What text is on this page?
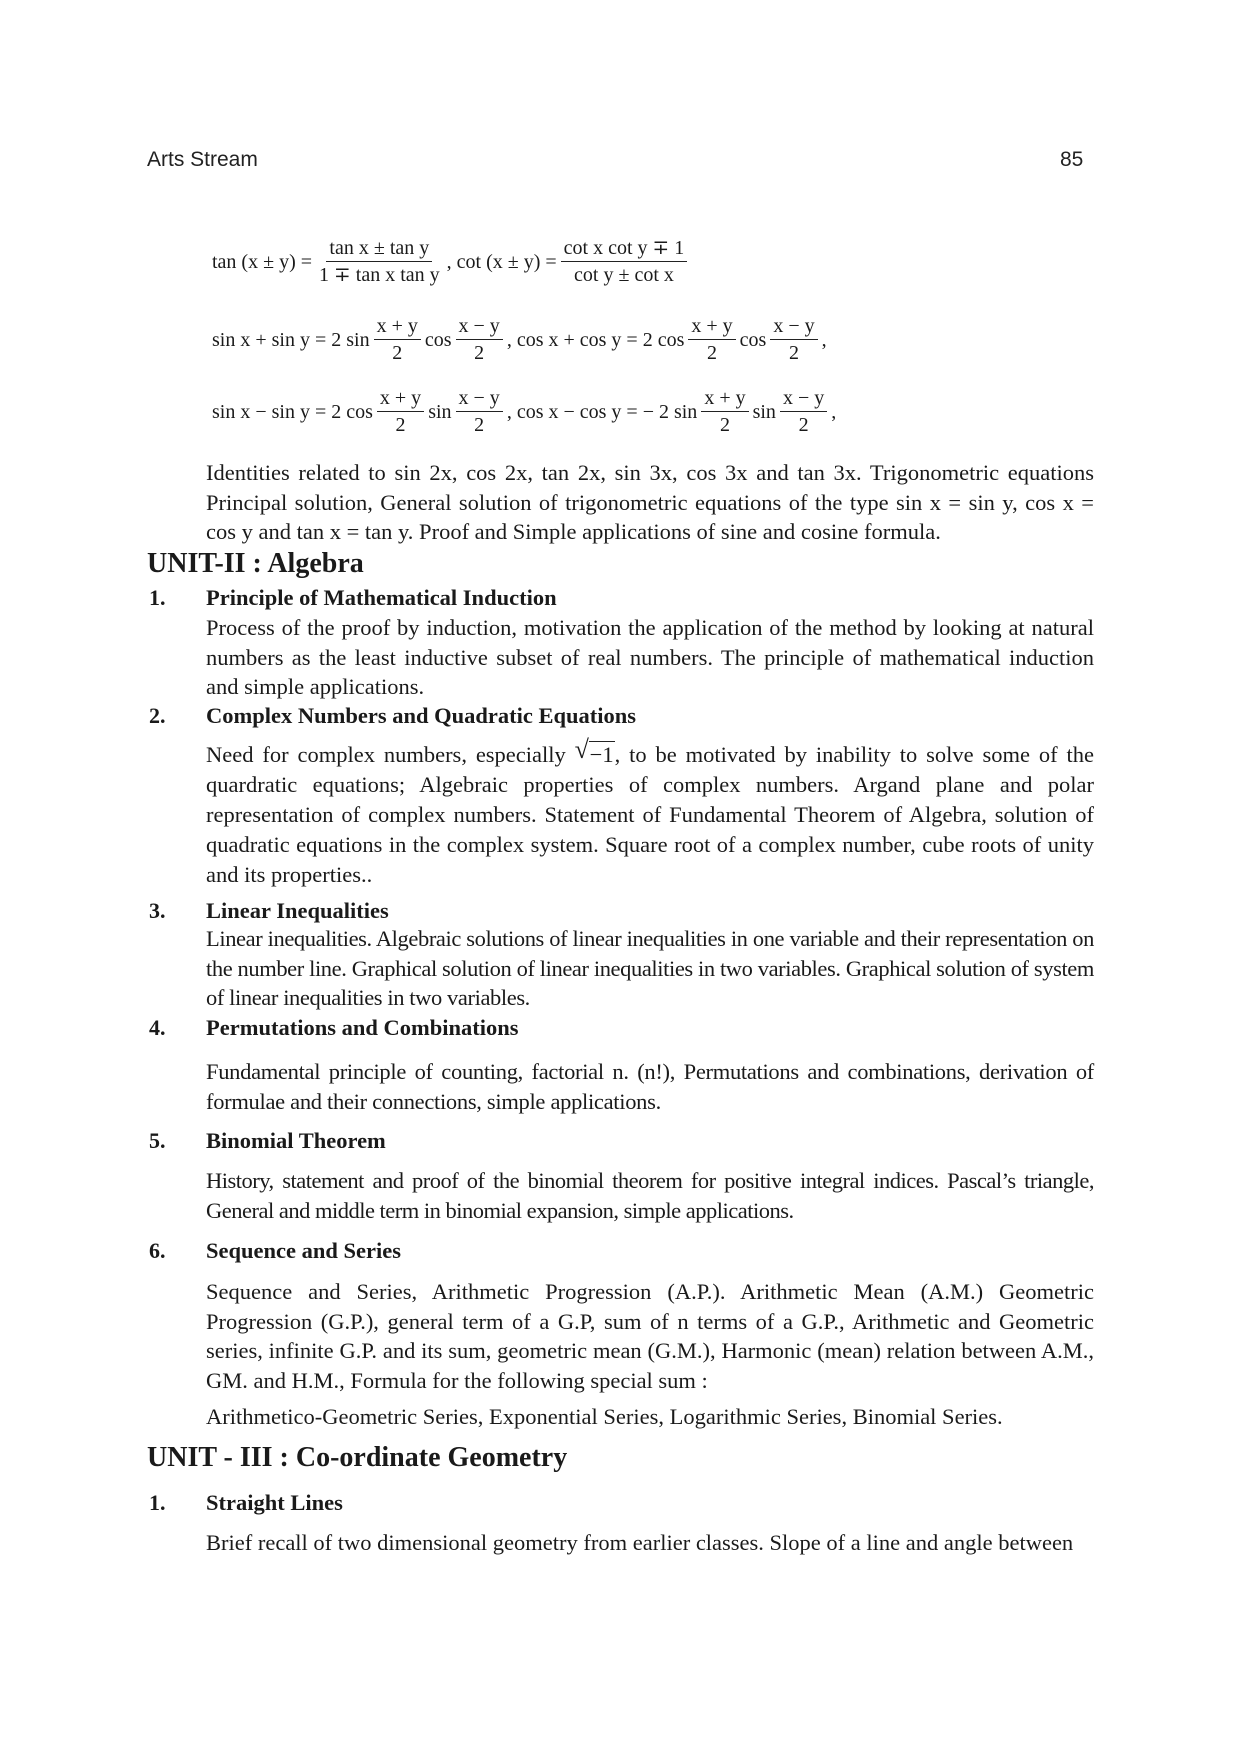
Arts Stream	85
$\tan (x \pm y) = \frac{\text{tan x ± tan y}}{\text{1 ∓ tan x tan y}}$ , $\cot (x \pm y) = \frac{\text{cot x cot y ∓ 1}}{\text{cot y ± cot x}}$
sin x + sin y = 2 $\sin \frac{x + y}{2}$ $\cos \frac{x - y}{2}$ , cos x + cos y = 2 $\cos \frac{x + y}{2}$ $\cos \frac{x - y}{2}$ ,
sin x − sin y = 2 $\cos \frac{x + y}{2}$ $\sin \frac{x - y}{2}$ , cos x − cos y = − 2 $\sin \frac{x + y}{2}$ $\sin \frac{x - y}{2}$ ,

Identities related to sin 2x, cos 2x, tan 2x, sin 3x, cos 3x and tan 3x. Trigonometric equations Principal solution, General solution of trigonometric equations of the type sin x = sin y, cos x = cos y and tan x = tan y. Proof and Simple applications of sine and cosine formula.

UNIT-II : Algebra
1. Principle of Mathematical Induction

Process of the proof by induction, motivation the application of the method by looking at natural numbers as the least inductive subset of real numbers. The principle of mathematical induction and simple applications.

2. Complex Numbers and Quadratic Equations

Need for complex numbers, especially √ −1, to be motivated by inability to solve some of the quardratic equations; Algebraic properties of complex numbers. Argand plane and polar representation of complex numbers. Statement of Fundamental Theorem of Algebra, solution of quadratic equations in the complex system. Square root of a complex number, cube roots of unity and its properties..

3. Linear Inequalities

Linear inequalities. Algebraic solutions of linear inequalities in one variable and their representation on the number line. Graphical solution of linear inequalities in two variables. Graphical solution of system of linear inequalities in two variables.

4. Permutations and Combinations

Fundamental principle of counting, factorial n. (n!), Permutations and combinations, derivation of formulae and their connections, simple applications.

5. Binomial Theorem

History, statement and proof of the binomial theorem for positive integral indices. Pascal’s triangle, General and middle term in binomial expansion, simple applications.

6. Sequence and Series

Sequence and Series, Arithmetic Progression (A.P.). Arithmetic Mean (A.M.) Geometric Progression (G.P.), general term of a G.P, sum of n terms of a G.P., Arithmetic and Geometric series, infinite G.P. and its sum, geometric mean (G.M.), Harmonic (mean) relation between A.M., GM. and H.M., Formula for the following special sum :

Arithmetico-Geometric Series, Exponential Series, Logarithmic Series, Binomial Series.

UNIT - III : Co-ordinate Geometry
1. Straight Lines

Brief recall of two dimensional geometry from earlier classes. Slope of a line and angle between
